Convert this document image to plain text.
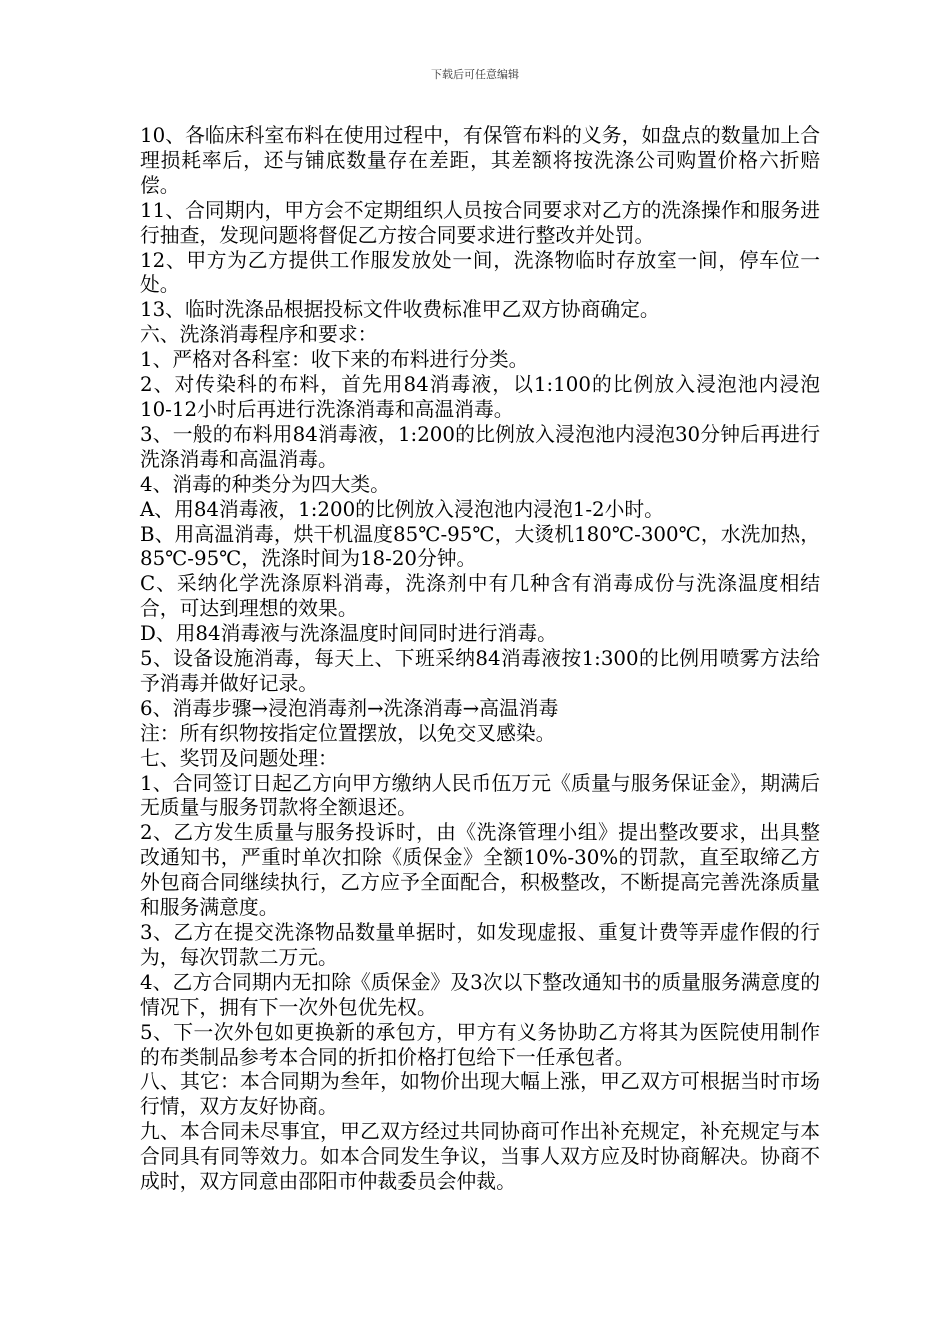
下载后可任意编辑

10、各临床科室布料在使用过程中，有保管布料的义务，如盘点的数量加上合理损耗率后，还与铺底数量存在差距，其差额将按洗涤公司购置价格六折赔偿。

11、合同期内，甲方会不定期组织人员按合同要求对乙方的洗涤操作和服务进行抽查，发现问题将督促乙方按合同要求进行整改并处罚。

12、甲方为乙方提供工作服发放处一间，洗涤物临时存放室一间，停车位一处。

13、临时洗涤品根据投标文件收费标准甲乙双方协商确定。

六、洗涤消毒程序和要求：

1、严格对各科室：收下来的布料进行分类。

2、对传染科的布料，首先用84消毒液，以1:100的比例放入浸泡池内浸泡10-12小时后再进行洗涤消毒和高温消毒。

3、一般的布料用84消毒液，1:200的比例放入浸泡池内浸泡30分钟后再进行洗涤消毒和高温消毒。

4、消毒的种类分为四大类。

A、用84消毒液，1:200的比例放入浸泡池内浸泡1-2小时。

B、用高温消毒，烘干机温度85℃-95℃，大烫机180℃-300℃，水洗加热，85℃-95℃，洗涤时间为18-20分钟。

C、采纳化学洗涤原料消毒，洗涤剂中有几种含有消毒成份与洗涤温度相结合，可达到理想的效果。

D、用84消毒液与洗涤温度时间同时进行消毒。

5、设备设施消毒，每天上、下班采纳84消毒液按1:300的比例用喷雾方法给予消毒并做好记录。

6、消毒步骤→浸泡消毒剂→洗涤消毒→高温消毒

注：所有织物按指定位置摆放，以免交叉感染。

七、奖罚及问题处理：

1、合同签订日起乙方向甲方缴纳人民币伍万元《质量与服务保证金》，期满后无质量与服务罚款将全额退还。

2、乙方发生质量与服务投诉时，由《洗涤管理小组》提出整改要求，出具整改通知书，严重时单次扣除《质保金》全额10%-30%的罚款，直至取缔乙方外包商合同继续执行，乙方应予全面配合，积极整改，不断提高完善洗涤质量和服务满意度。

3、乙方在提交洗涤物品数量单据时，如发现虚报、重复计费等弄虚作假的行为，每次罚款二万元。

4、乙方合同期内无扣除《质保金》及3次以下整改通知书的质量服务满意度的情况下，拥有下一次外包优先权。

5、下一次外包如更换新的承包方，甲方有义务协助乙方将其为医院使用制作的布类制品参考本合同的折扣价格打包给下一任承包者。

八、其它：本合同期为叁年，如物价出现大幅上涨，甲乙双方可根据当时市场行情，双方友好协商。

九、本合同未尽事宜，甲乙双方经过共同协商可作出补充规定，补充规定与本合同具有同等效力。如本合同发生争议，当事人双方应及时协商解决。协商不成时，双方同意由邵阳市仲裁委员会仲裁。
